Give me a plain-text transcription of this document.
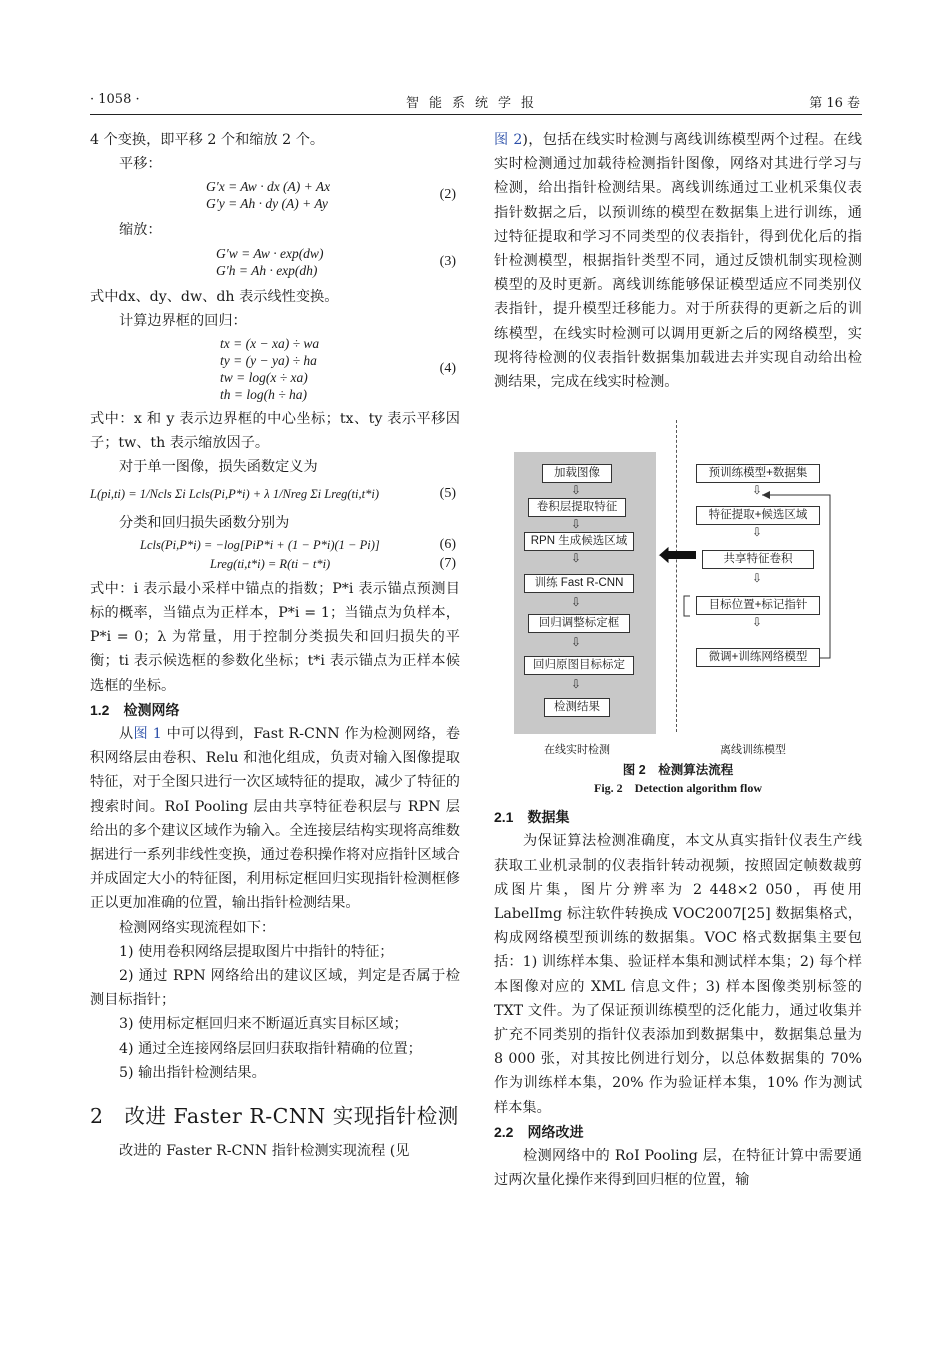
· 1058 ·	智能系统学报	第 16 卷

4 个变换，即平移 2 个和缩放 2 个。

平移：

G′x = Aw · dx (A) + Ax
G′y = Ah · dy (A) + Ay
(2)

缩放：

G′w = Aw · exp(dw)
G′h = Ah · exp(dh)
(3)

式中dx、dy、dw、dh 表示线性变换。

计算边界框的回归：

tx = (x − xa) ÷ wa
ty = (y − ya) ÷ ha
tw = log(x ÷ xa)
th = log(h ÷ ha)
(4)

式中：x 和 y 表示边界框的中心坐标；tx、ty 表示平移因子；tw、th 表示缩放因子。

对于单一图像，损失函数定义为

L(pi,ti) = 1/Ncls Σi Lcls(Pi,P*i) + λ 1/Nreg Σi Lreg(ti,t*i)	(5)

分类和回归损失函数分别为

Lcls(Pi,P*i) = −log[PiP*i + (1 − P*i)(1 − Pi)]	(6)
Lreg(ti,t*i) = R(ti − t*i)	(7)

式中：i 表示最小采样中锚点的指数；P*i 表示锚点预测目标的概率，当锚点为正样本，P*i = 1；当锚点为负样本，P*i = 0；λ 为常量，用于控制分类损失和回归损失的平衡；ti 表示候选框的参数化坐标；t*i 表示锚点为正样本候选框的坐标。

1.2　检测网络

从图 1 中可以得到，Fast R-CNN 作为检测网络，卷积网络层由卷积、Relu 和池化组成，负责对输入图像提取特征，对于全图只进行一次区域特征的提取，减少了特征的搜索时间。RoI Pooling 层由共享特征卷积层与 RPN 层给出的多个建议区域作为输入。全连接层结构实现将高维数据进行一系列非线性变换，通过卷积操作将对应指针区域合并成固定大小的特征图，利用标定框回归实现指针检测框修正以更加准确的位置，输出指针检测结果。

检测网络实现流程如下：

1) 使用卷积网络层提取图片中指针的特征；

2) 通过 RPN 网络给出的建议区域，判定是否属于检测目标指针；

3) 使用标定框回归来不断逼近真实目标区域；

4) 通过全连接网络层回归获取指针精确的位置；

5) 输出指针检测结果。

2　改进 Faster R-CNN 实现指针检测

改进的 Faster R-CNN 指针检测实现流程 (见

图 2)，包括在线实时检测与离线训练模型两个过程。在线实时检测通过加载待检测指针图像，网络对其进行学习与检测，给出指针检测结果。离线训练通过工业机采集仪表指针数据之后，以预训练的模型在数据集上进行训练，通过特征提取和学习不同类型的仪表指针，得到优化后的指针检测模型，根据指针类型不同，通过反馈机制实现检测模型的及时更新。离线训练能够保证模型适应不同类别仪表指针，提升模型迁移能力。对于所获得的更新之后的训练模型，在线实时检测可以调用更新之后的网络模型，实现将待检测的仪表指针数据集加载进去并实现自动给出检测结果，完成在线实时检测。

加载图像
⇩
卷积层提取特征
⇩
RPN 生成候选区域
⇩
训练 Fast R-CNN
⇩
回归调整标定框
⇩
回归原图目标标定
⇩
检测结果
预训练模型+数据集
⇩
特征提取+候选区域
⇩
共享特征卷积
⇩
目标位置+标记指针
⇩
微调+训练网络模型
在线实时检测	离线训练模型

图 2　检测算法流程

Fig. 2　Detection algorithm flow

2.1　数据集

为保证算法检测准确度，本文从真实指针仪表生产线获取工业机录制的仪表指针转动视频，按照固定帧数裁剪成图片集，图片分辨率为 2 448×2 050，再使用 LabelImg 标注软件转换成 VOC2007[25] 数据集格式，构成网络模型预训练的数据集。VOC 格式数据集主要包括：1) 训练样本集、验证样本集和测试样本集；2) 每个样本图像对应的 XML 信息文件；3) 样本图像类别标签的 TXT 文件。为了保证预训练模型的泛化能力，通过收集并扩充不同类别的指针仪表添加到数据集中，数据集总量为 8 000 张，对其按比例进行划分，以总体数据集的 70% 作为训练样本集，20% 作为验证样本集，10% 作为测试样本集。

2.2　网络改进

检测网络中的 RoI Pooling 层，在特征计算中需要通过两次量化操作来得到回归框的位置，输
